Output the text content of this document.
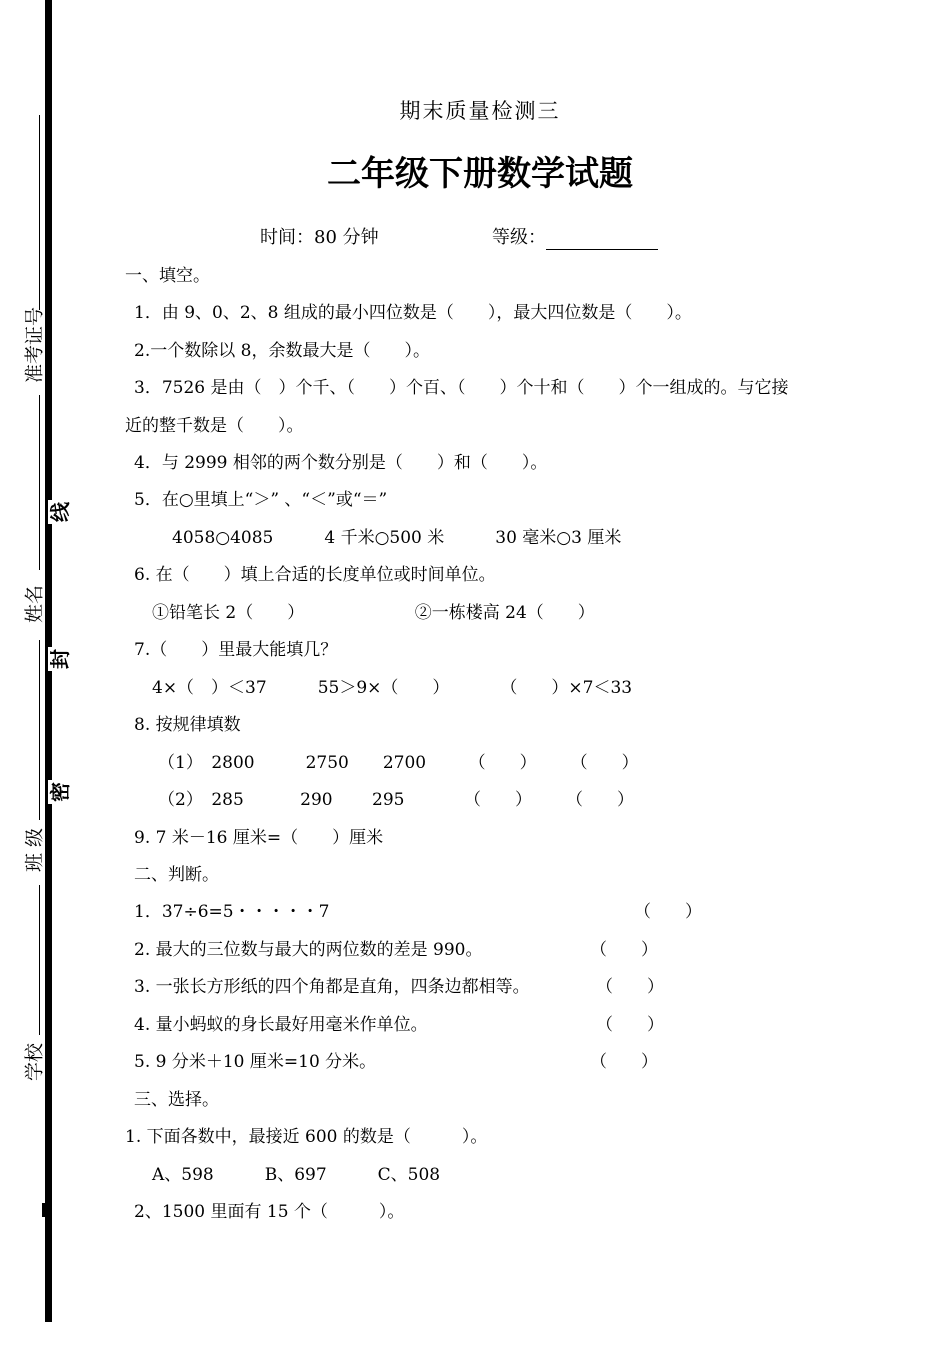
准考证号
姓名
班 级
学校
线
封
密
期末质量检测三
二年级下册数学试题
时间：80 分钟	等级：
一、填空。
1．由 9、0、2、8 组成的最小四位数是（　　），最大四位数是（　　）。
2.一个数除以 8，余数最大是（　　）。
3．7526 是由（　）个千、（　　）个百、（　　）个十和（　　）个一组成的。与它接
近的整千数是（　　）。
4．与 2999 相邻的两个数分别是（　　）和（　　）。
5．在○里填上“＞” 、“＜”或“＝”
4058○4085　　　4 千米○500 米　　　30 毫米○3 厘米
6. 在（　　）填上合适的长度单位或时间单位。
①铅笔长 2（　　）　　　　　　　②一栋楼高 24（　　）
7.（　　）里最大能填几？
4×（　）＜37　　　55＞9×（　　）　　　　（　　）×7＜33
8. 按规律填数
（1）　2800　　　2750　　2700　　　（　　）　　　（　　）
（2）　285　　　 290　　 295　　　　（　　）　　　（　　）
9. 7 米－16 厘米=（　　）厘米
二、判断。
1．37÷6=5・・・・・7	（　　）
2. 最大的三位数与最大的两位数的差是 990。	（　　）
3. 一张长方形纸的四个角都是直角，四条边都相等。	（　　）
4. 量小蚂蚁的身长最好用毫米作单位。	（　　）
5. 9 分米＋10 厘米=10 分米。	（　　）
三、选择。
1. 下面各数中，最接近 600 的数是（　　　）。
A、598　　　B、697　　　C、508
2、1500 里面有 15 个（　　　）。
